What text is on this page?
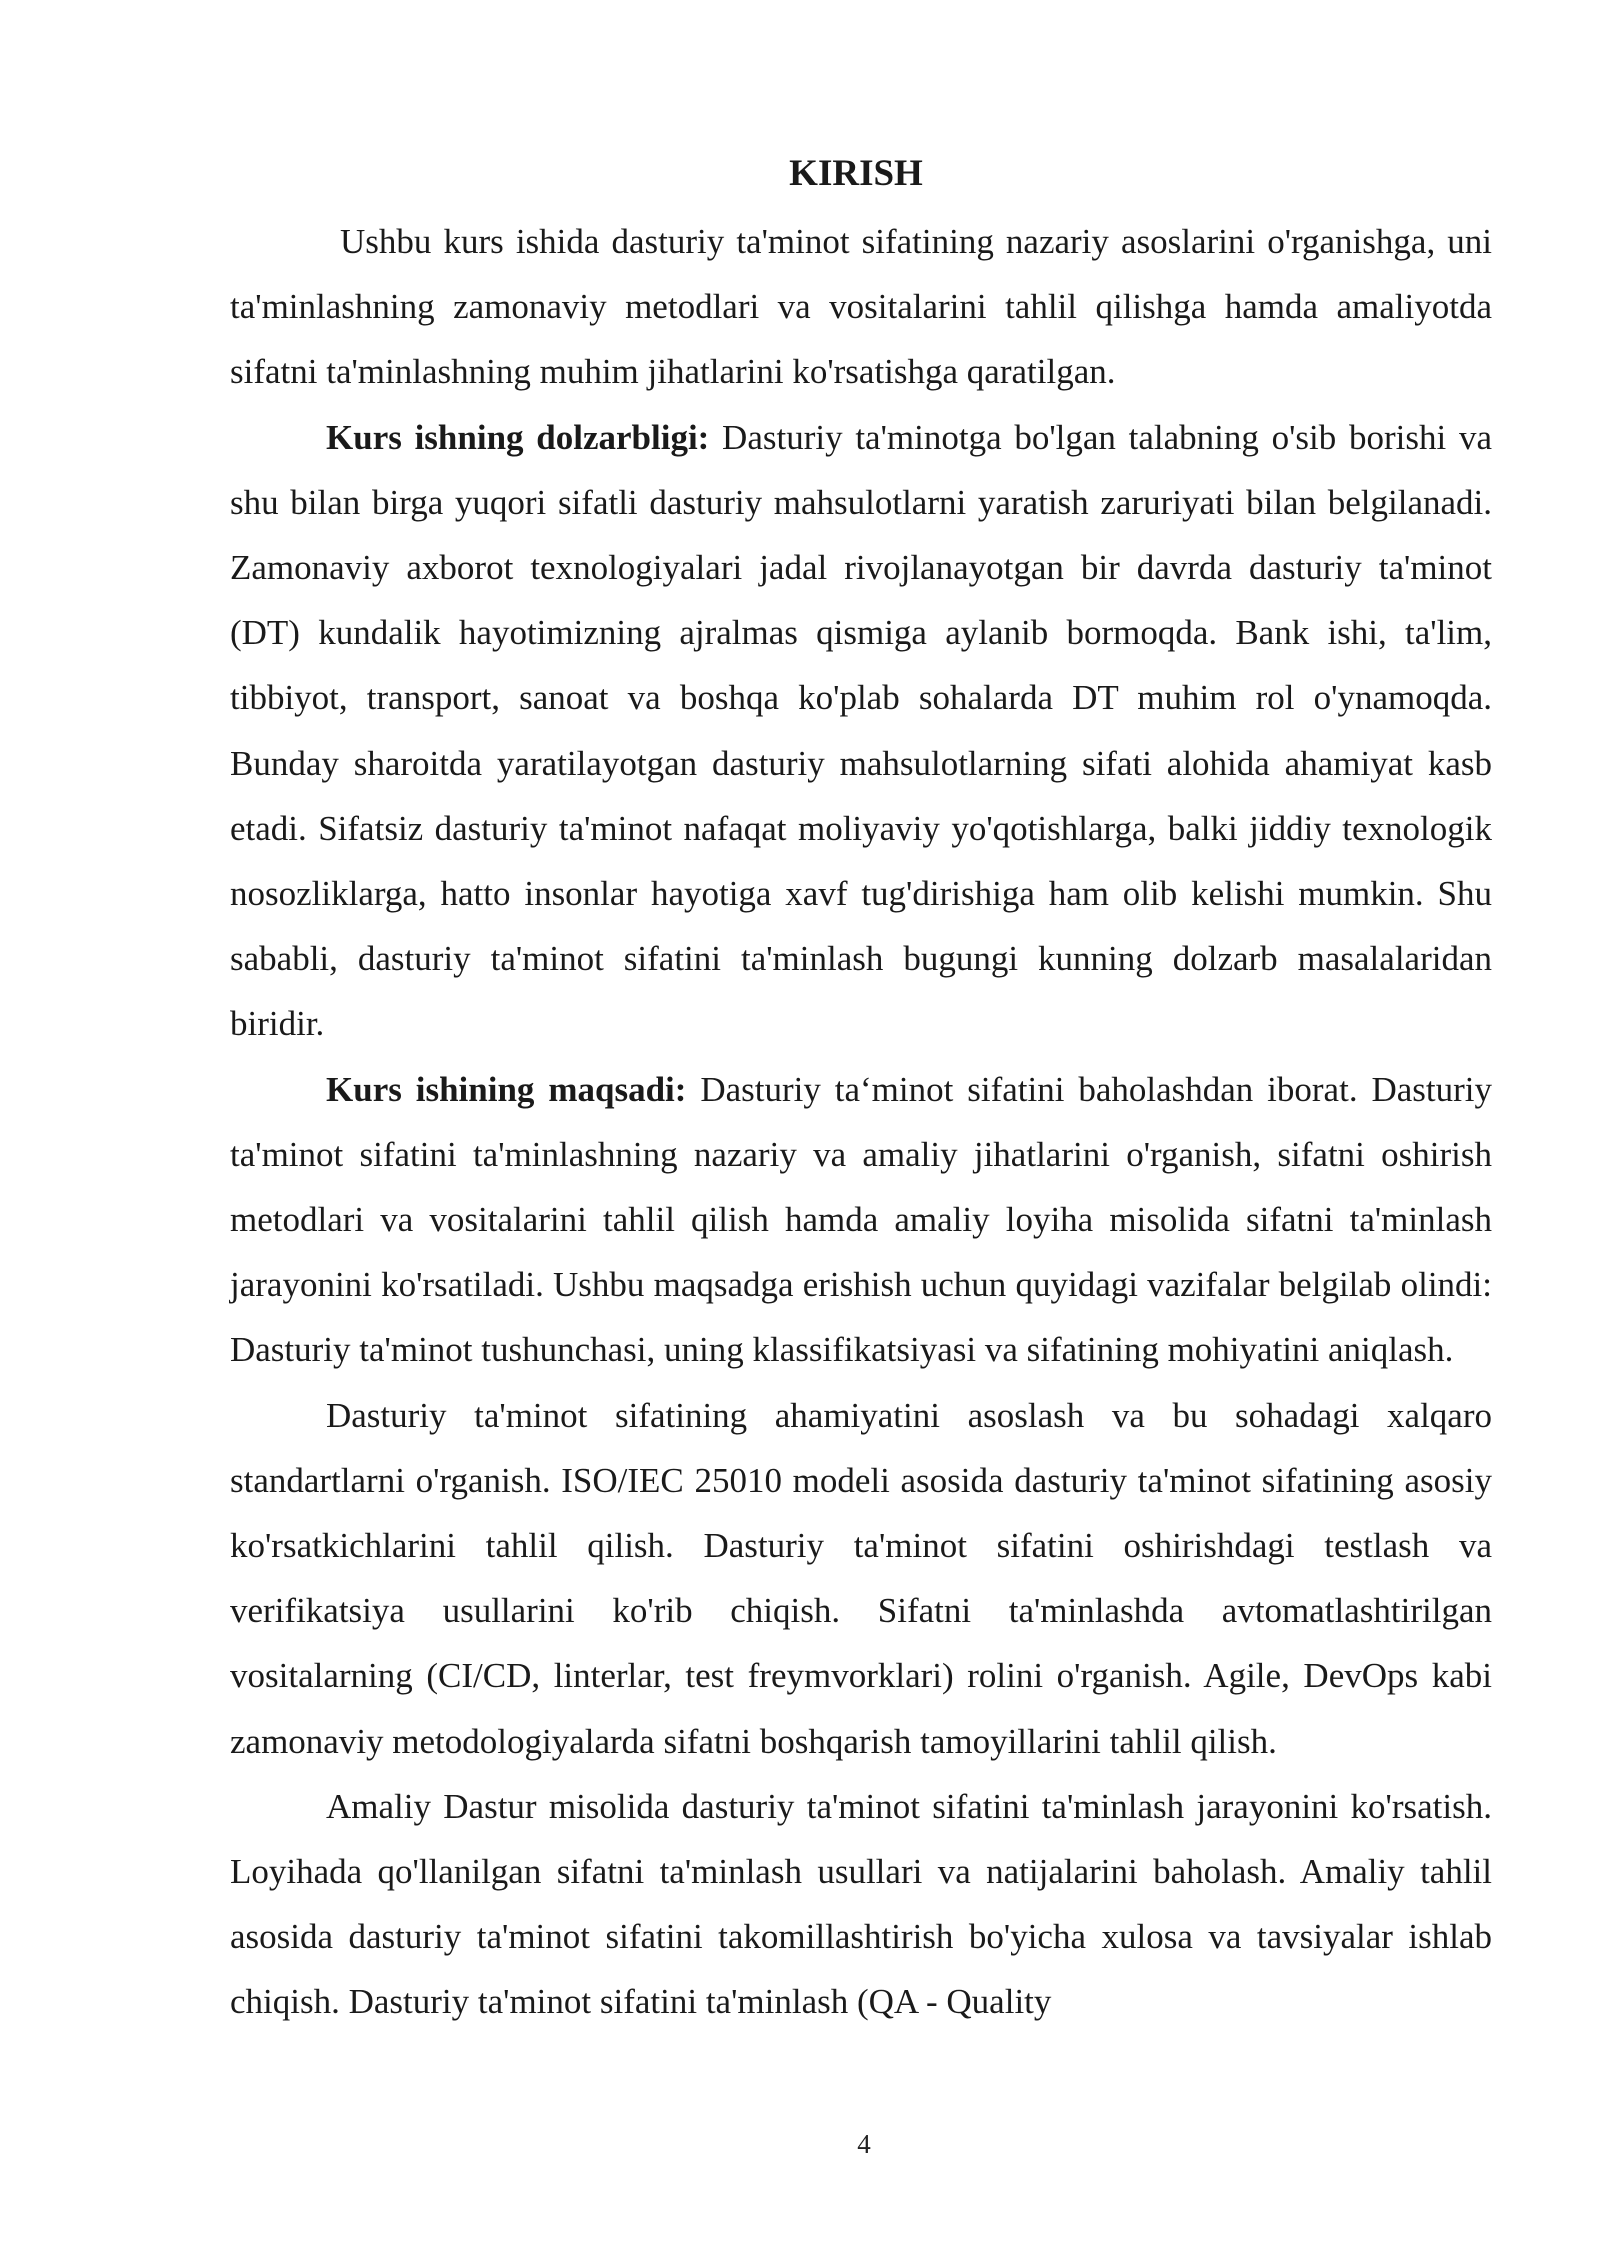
KIRISH

Ushbu kurs ishida dasturiy ta'minot sifatining nazariy asoslarini o'rganishga, uni ta'minlashning zamonaviy metodlari va vositalarini tahlil qilishga hamda amaliyotda sifatni ta'minlashning muhim jihatlarini ko'rsatishga qaratilgan.

Kurs ishning dolzarbligi: Dasturiy ta'minotga bo'lgan talabning o'sib borishi va shu bilan birga yuqori sifatli dasturiy mahsulotlarni yaratish zaruriyati bilan belgilanadi. Zamonaviy axborot texnologiyalari jadal rivojlanayotgan bir davrda dasturiy ta'minot (DT) kundalik hayotimizning ajralmas qismiga aylanib bormoqda. Bank ishi, ta'lim, tibbiyot, transport, sanoat va boshqa ko'plab sohalarda DT muhim rol o'ynamoqda. Bunday sharoitda yaratilayotgan dasturiy mahsulotlarning sifati alohida ahamiyat kasb etadi. Sifatsiz dasturiy ta'minot nafaqat moliyaviy yo'qotishlarga, balki jiddiy texnologik nosozliklarga, hatto insonlar hayotiga xavf tug'dirishiga ham olib kelishi mumkin. Shu sababli, dasturiy ta'minot sifatini ta'minlash bugungi kunning dolzarb masalalaridan biridir.

Kurs ishining maqsadi: Dasturiy ta‘minot sifatini baholashdan iborat. Dasturiy ta'minot sifatini ta'minlashning nazariy va amaliy jihatlarini o'rganish, sifatni oshirish metodlari va vositalarini tahlil qilish hamda amaliy loyiha misolida sifatni ta'minlash jarayonini ko'rsatiladi. Ushbu maqsadga erishish uchun quyidagi vazifalar belgilab olindi: Dasturiy ta'minot tushunchasi, uning klassifikatsiyasi va sifatining mohiyatini aniqlash.

Dasturiy ta'minot sifatining ahamiyatini asoslash va bu sohadagi xalqaro standartlarni o'rganish. ISO/IEC 25010 modeli asosida dasturiy ta'minot sifatining asosiy ko'rsatkichlarini tahlil qilish. Dasturiy ta'minot sifatini oshirishdagi testlash va verifikatsiya usullarini ko'rib chiqish. Sifatni ta'minlashda avtomatlashtirilgan vositalarning (CI/CD, linterlar, test freymvorklari) rolini o'rganish. Agile, DevOps kabi zamonaviy metodologiyalarda sifatni boshqarish tamoyillarini tahlil qilish.

Amaliy Dastur misolida dasturiy ta'minot sifatini ta'minlash jarayonini ko'rsatish. Loyihada qo'llanilgan sifatni ta'minlash usullari va natijalarini baholash. Amaliy tahlil asosida dasturiy ta'minot sifatini takomillashtirish bo'yicha xulosa va tavsiyalar ishlab chiqish. Dasturiy ta'minot sifatini ta'minlash (QA - Quality

4
